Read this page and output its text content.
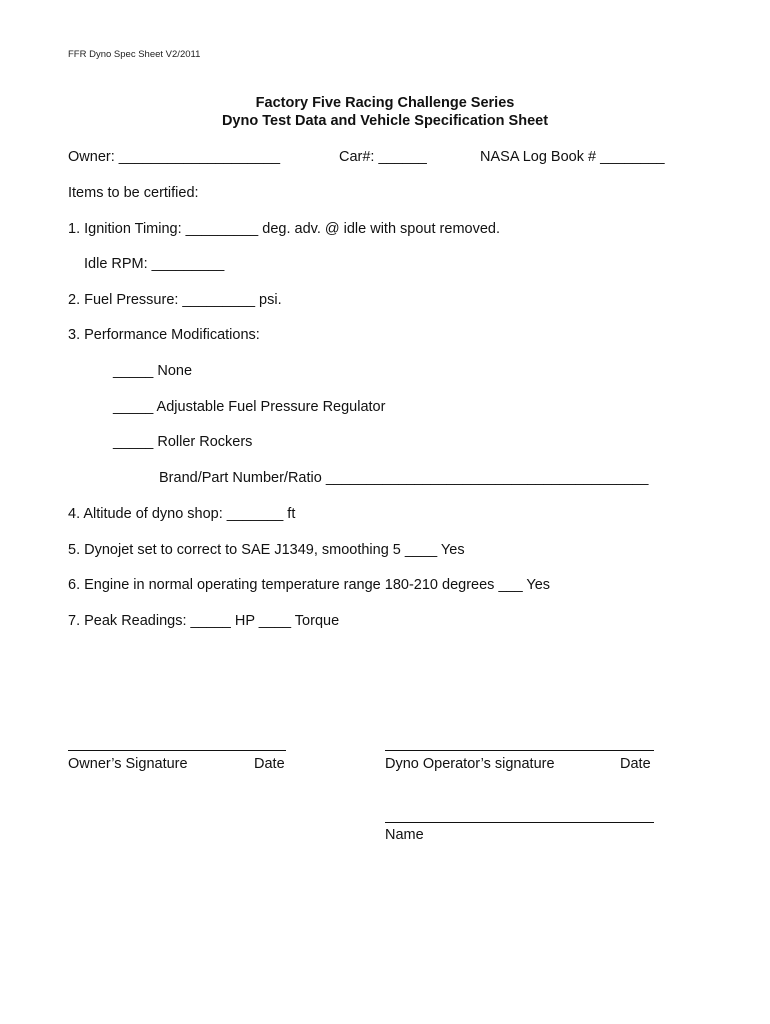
FFR Dyno Spec Sheet V2/2011
Factory Five Racing Challenge Series
Dyno Test Data and Vehicle Specification Sheet
Owner: ____________________	Car#: ______	NASA Log Book # ________
Items to be certified:
1. Ignition Timing: _________ deg. adv. @ idle with spout removed.
Idle RPM: _________
2. Fuel Pressure: _________ psi.
3. Performance Modifications:
_____ None
_____ Adjustable Fuel Pressure Regulator
_____ Roller Rockers
Brand/Part Number/Ratio ________________________________________
4. Altitude of dyno shop: _______ ft
5. Dynojet set to correct to SAE J1349, smoothing 5 ____ Yes
6. Engine in normal operating temperature range 180-210 degrees ___ Yes
7. Peak Readings: _____ HP ____ Torque
Owner’s Signature	Date	Dyno Operator’s signature	Date
Name
